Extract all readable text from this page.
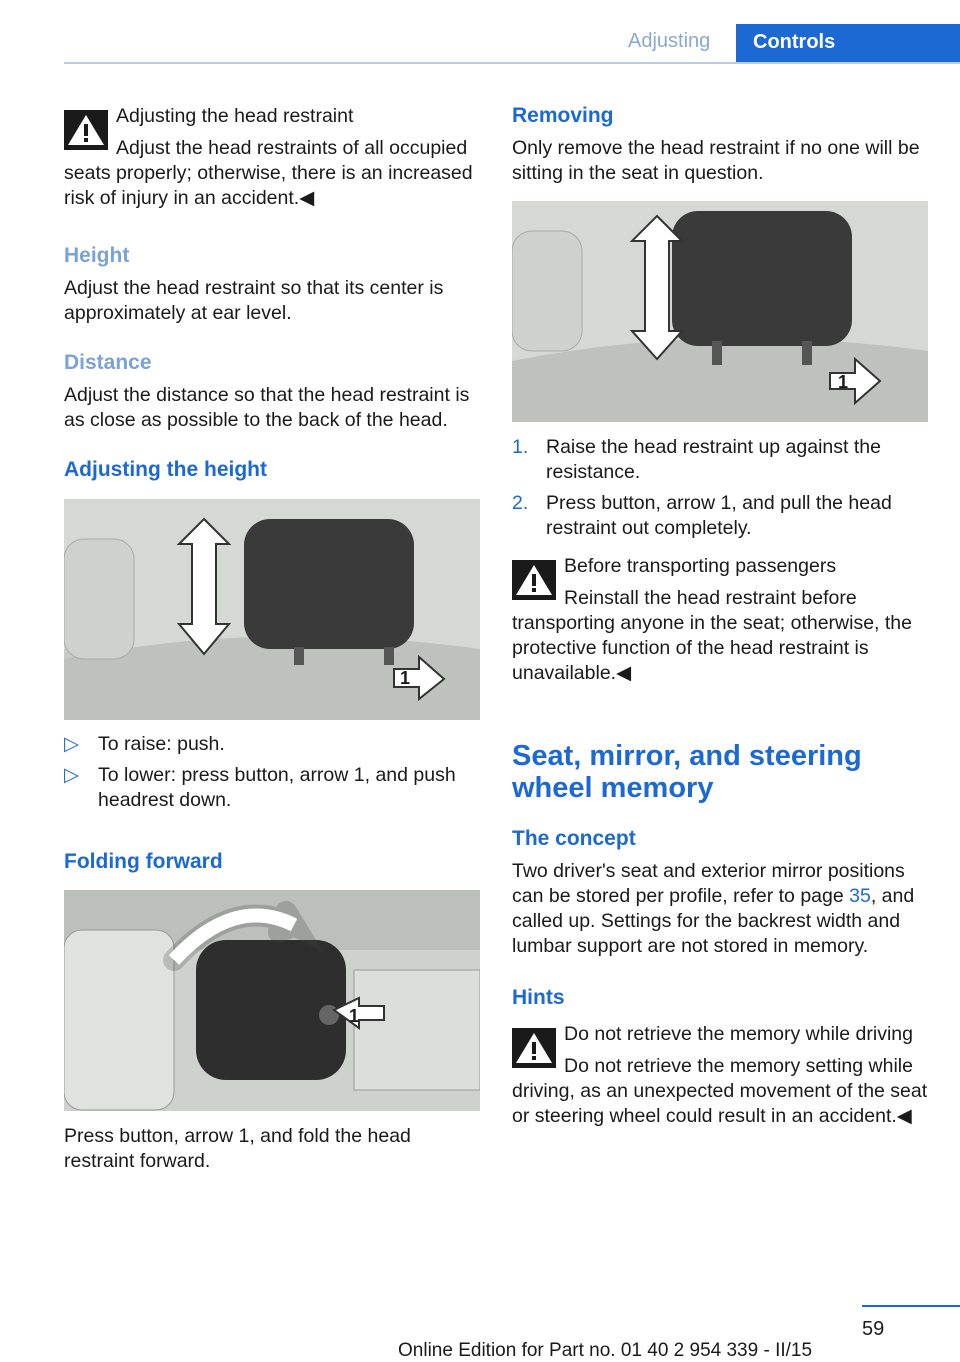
Adjusting	Controls
Adjusting the head restraint

Adjust the head restraints of all occupied seats properly; otherwise, there is an increased risk of injury in an accident.◀

Height
Adjust the head restraint so that its center is approximately at ear level.
Distance
Adjust the distance so that the head restraint is as close as possible to the back of the head.
Adjusting the height
1
▷ To raise: push.
▷ To lower: press button, arrow 1, and push headrest down.
Folding forward
1
Press button, arrow 1, and fold the head restraint forward.
Removing
Only remove the head restraint if no one will be sitting in the seat in question.
1
1. Raise the head restraint up against the resistance.
2. Press button, arrow 1, and pull the head restraint out completely.
Before transporting passengers

Reinstall the head restraint before transporting anyone in the seat; otherwise, the protective function of the head restraint is unavailable.◀

Seat, mirror, and steering wheel memory
The concept
Two driver's seat and exterior mirror positions can be stored per profile, refer to page 35, and called up. Settings for the backrest width and lumbar support are not stored in memory.
Hints
Do not retrieve the memory while driving

Do not retrieve the memory setting while driving, as an unexpected movement of the seat or steering wheel could result in an accident.◀

59
Online Edition for Part no. 01 40 2 954 339 - II/15
